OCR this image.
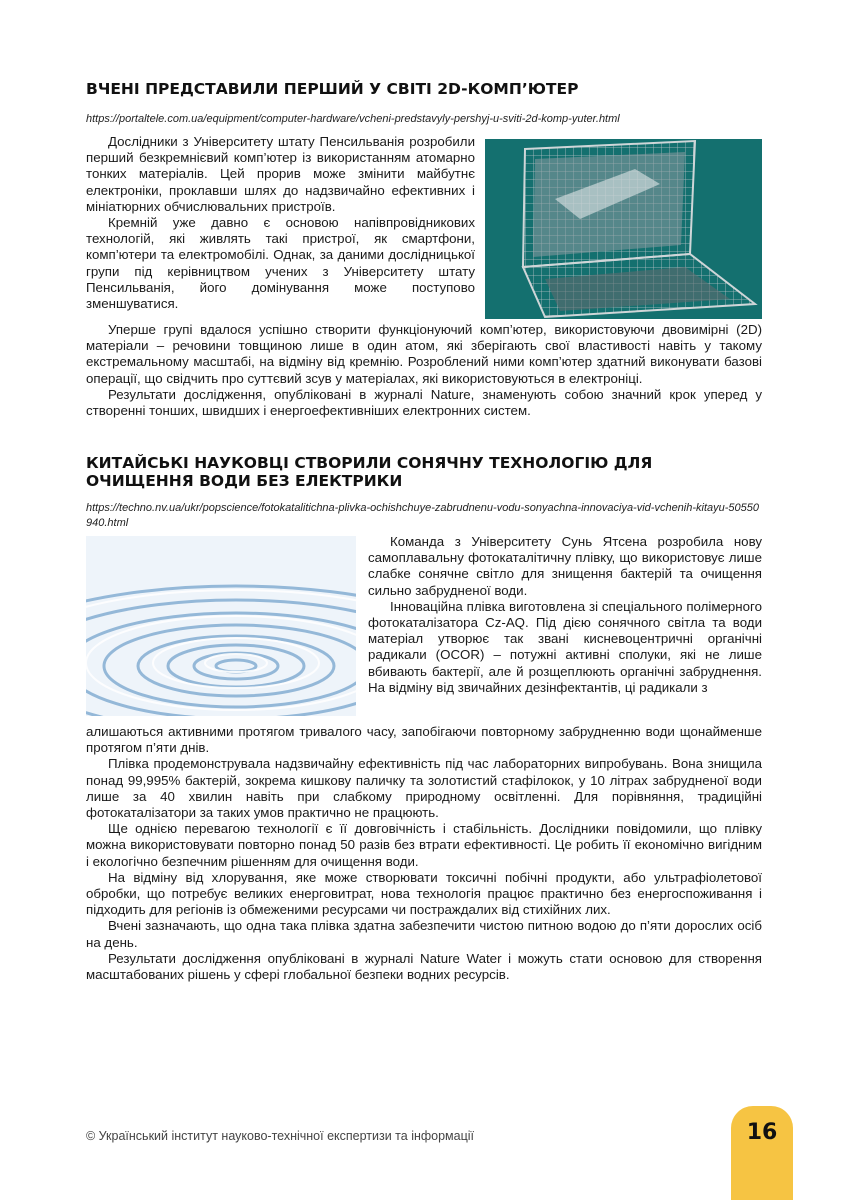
ВЧЕНІ ПРЕДСТАВИЛИ ПЕРШИЙ У СВІТІ 2D-КОМП’ЮТЕР
https://portaltele.com.ua/equipment/computer-hardware/vcheni-predstavyly-pershyj-u-sviti-2d-komp-yuter.html

Дослідники з Університету штату Пенсильванія розробили перший безкремнієвий комп’ютер із використанням атомарно тонких матеріалів. Цей прорив може змінити майбутнє електроніки, проклавши шлях до надзвичайно ефективних і мініатюрних обчислювальних пристроїв.

Кремній уже давно є основою напівпровідникових технологій, які живлять такі пристрої, як смартфони, комп’ютери та електромобілі. Однак, за даними дослідницької групи під керівництвом учених з Університету штату Пенсильванія, його домінування може поступово зменшуватися.

Уперше групі вдалося успішно створити функціонуючий комп’ютер, використовуючи двовимірні (2D) матеріали – речовини товщиною лише в один атом, які зберігають свої властивості навіть у такому екстремальному масштабі, на відміну від кремнію. Розроблений ними комп’ютер здатний виконувати базові операції, що свідчить про суттєвий зсув у матеріалах, які використовуються в електроніці.

Результати дослідження, опубліковані в журналі Nature, знаменують собою значний крок уперед у створенні тонших, швидших і енергоефективніших електронних систем.

КИТАЙСЬКІ НАУКОВЦІ СТВОРИЛИ СОНЯЧНУ ТЕХНОЛОГІЮ ДЛЯ ОЧИЩЕННЯ ВОДИ БЕЗ ЕЛЕКТРИКИ
https://techno.nv.ua/ukr/popscience/fotokatalitichna-plivka-ochishchuye-zabrudnenu-vodu-sonyachna-innovaciya-vid-vchenih-kitayu-50550940.html

Команда з Університету Сунь Ятсена розробила нову самоплавальну фотокаталітичну плівку, що використовує лише слабке сонячне світло для знищення бактерій та очищення сильно забрудненої води.

Інноваційна плівка виготовлена зі спеціального полімерного фотокаталізатора Cz-AQ. Під дією сонячного світла та води матеріал утворює так звані кисневоцентричні органічні радикали (OCOR) – потужні активні сполуки, які не лише вбивають бактерії, але й розщеплюють органічні забруднення. На відміну від звичайних дезінфектантів, ці радикали з

алишаються активними протягом тривалого часу, запобігаючи повторному забрудненню води щонайменше протягом п’яти днів.

Плівка продемонструвала надзвичайну ефективність під час лабораторних випробувань. Вона знищила понад 99,995% бактерій, зокрема кишкову паличку та золотистий стафілокок, у 10 літрах забрудненої води лише за 40 хвилин навіть при слабкому природному освітленні. Для порівняння, традиційні фотокаталізатори за таких умов практично не працюють.

Ще однією перевагою технології є її довговічність і стабільність. Дослідники повідомили, що плівку можна використовувати повторно понад 50 разів без втрати ефективності. Це робить її економічно вигідним і екологічно безпечним рішенням для очищення води.

На відміну від хлорування, яке може створювати токсичні побічні продукти, або ультрафіолетової обробки, що потребує великих енерговитрат, нова технологія працює практично без енергоспоживання і підходить для регіонів із обмеженими ресурсами чи постраждалих від стихійних лих.

Вчені зазначають, що одна така плівка здатна забезпечити чистою питною водою до п’яти дорослих осіб на день.

Результати дослідження опубліковані в журналі Nature Water і можуть стати основою для створення масштабованих рішень у сфері глобальної безпеки водних ресурсів.

© Український інститут науково-технічної експертизи та інформації	16
